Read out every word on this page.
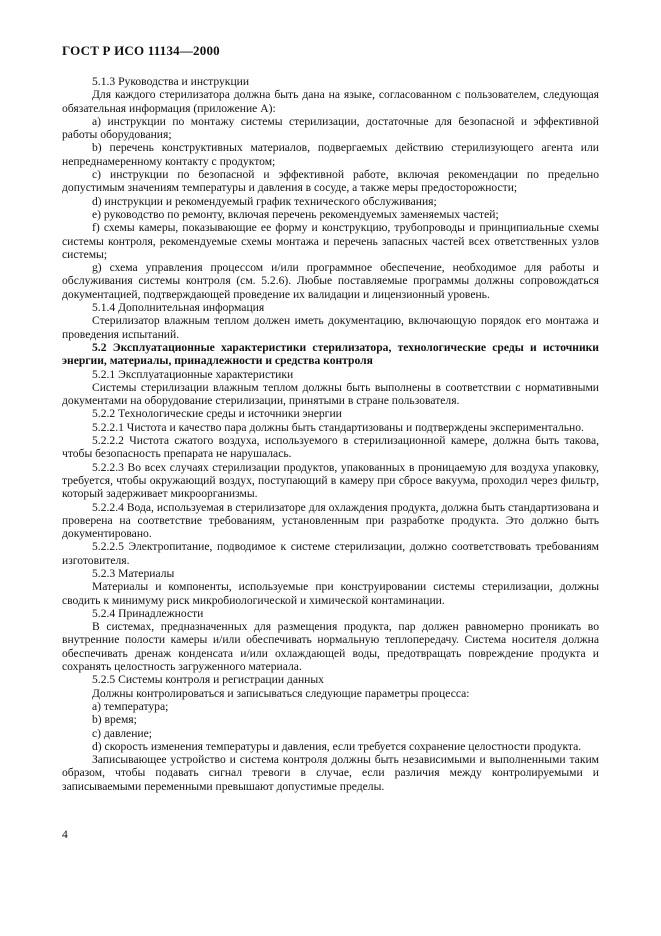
ГОСТ Р ИСО 11134—2000

5.1.3 Руководства и инструкции

Для каждого стерилизатора должна быть дана на языке, согласованном с пользователем, следующая обязательная информация (приложение А):

a) инструкции по монтажу системы стерилизации, достаточные для безопасной и эффективной работы оборудования;

b) перечень конструктивных материалов, подвергаемых действию стерилизующего агента или непреднамеренному контакту с продуктом;

c) инструкции по безопасной и эффективной работе, включая рекомендации по предельно допустимым значениям температуры и давления в сосуде, а также меры предосторожности;

d) инструкции и рекомендуемый график технического обслуживания;

e) руководство по ремонту, включая перечень рекомендуемых заменяемых частей;

f) схемы камеры, показывающие ее форму и конструкцию, трубопроводы и принципиальные схемы системы контроля, рекомендуемые схемы монтажа и перечень запасных частей всех ответственных узлов системы;

g) схема управления процессом и/или программное обеспечение, необходимое для работы и обслуживания системы контроля (см. 5.2.6). Любые поставляемые программы должны сопровождаться документацией, подтверждающей проведение их валидации и лицензионный уровень.

5.1.4 Дополнительная информация

Стерилизатор влажным теплом должен иметь документацию, включающую порядок его монтажа и проведения испытаний.

5.2 Эксплуатационные характеристики стерилизатора, технологические среды и источники энергии, материалы, принадлежности и средства контроля

5.2.1 Эксплуатационные характеристики

Системы стерилизации влажным теплом должны быть выполнены в соответствии с нормативными документами на оборудование стерилизации, принятыми в стране пользователя.

5.2.2 Технологические среды и источники энергии

5.2.2.1 Чистота и качество пара должны быть стандартизованы и подтверждены экспериментально.

5.2.2.2 Чистота сжатого воздуха, используемого в стерилизационной камере, должна быть такова, чтобы безопасность препарата не нарушалась.

5.2.2.3 Во всех случаях стерилизации продуктов, упакованных в проницаемую для воздуха упаковку, требуется, чтобы окружающий воздух, поступающий в камеру при сбросе вакуума, проходил через фильтр, который задерживает микроорганизмы.

5.2.2.4 Вода, используемая в стерилизаторе для охлаждения продукта, должна быть стандартизована и проверена на соответствие требованиям, установленным при разработке продукта. Это должно быть документировано.

5.2.2.5 Электропитание, подводимое к системе стерилизации, должно соответствовать требованиям изготовителя.

5.2.3 Материалы

Материалы и компоненты, используемые при конструировании системы стерилизации, должны сводить к минимуму риск микробиологической и химической контаминации.

5.2.4 Принадлежности

В системах, предназначенных для размещения продукта, пар должен равномерно проникать во внутренние полости камеры и/или обеспечивать нормальную теплопередачу. Система носителя должна обеспечивать дренаж конденсата и/или охлаждающей воды, предотвращать повреждение продукта и сохранять целостность загруженного материала.

5.2.5 Системы контроля и регистрации данных

Должны контролироваться и записываться следующие параметры процесса:

a) температура;

b) время;

c) давление;

d) скорость изменения температуры и давления, если требуется сохранение целостности продукта.

Записывающее устройство и система контроля должны быть независимыми и выполненными таким образом, чтобы подавать сигнал тревоги в случае, если различия между контролируемыми и записываемыми переменными превышают допустимые пределы.

4
